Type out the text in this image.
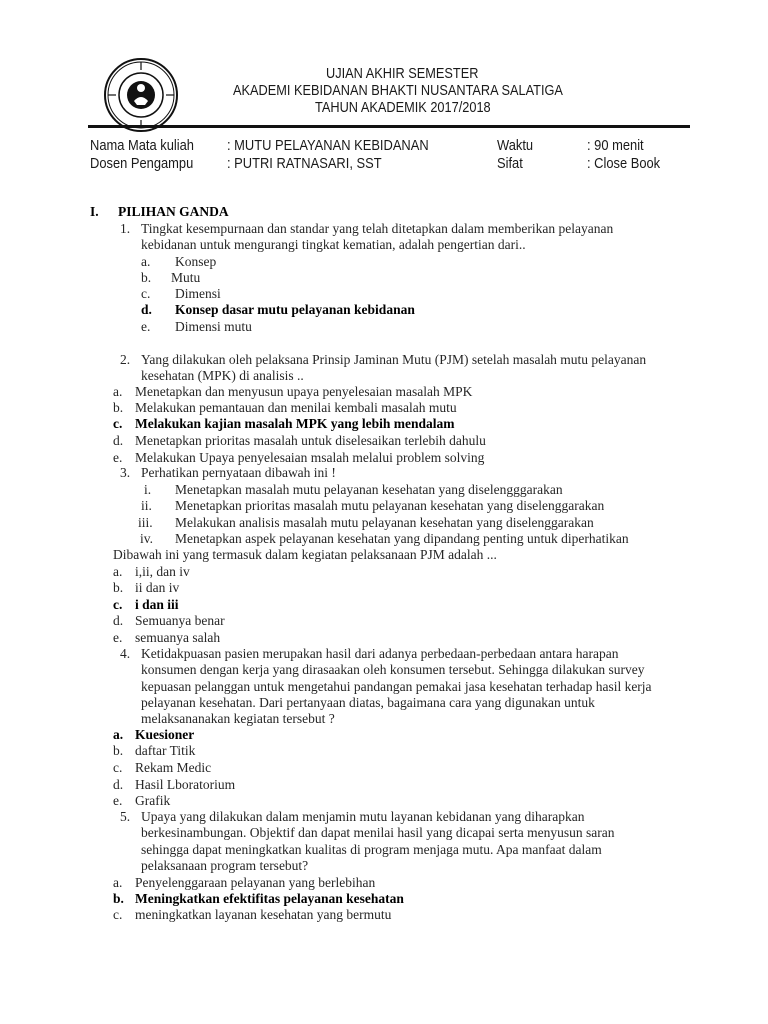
UJIAN AKHIR SEMESTER
AKADEMI KEBIDANAN BHAKTI NUSANTARA SALATIGA
TAHUN AKADEMIK 2017/2018
Nama Mata kuliah : MUTU PELAYANAN KEBIDANAN
Dosen Pengampu : PUTRI RATNASARI, SST
Waktu	: 90 menit
Sifat	: Close Book
I. PILIHAN GANDA
1. Tingkat kesempurnaan dan standar yang telah ditetapkan dalam memberikan pelayanan
kebidanan untuk mengurangi tingkat kematian, adalah pengertian dari..
a. Konsep
b. Mutu
c. Dimensi
d. Konsep dasar mutu pelayanan kebidanan
e. Dimensi mutu
2. Yang dilakukan oleh pelaksana Prinsip Jaminan Mutu (PJM) setelah masalah mutu pelayanan
kesehatan (MPK) di analisis ..
a. Menetapkan dan menyusun upaya penyelesaian masalah MPK
b. Melakukan pemantauan dan menilai kembali masalah mutu
c. Melakukan kajian masalah MPK yang lebih mendalam
d. Menetapkan prioritas masalah untuk diselesaikan terlebih dahulu
e. Melakukan Upaya penyelesaian msalah melalui problem solving
3. Perhatikan pernyataan dibawah ini !
i. Menetapkan masalah mutu pelayanan kesehatan yang diselengggarakan
ii. Menetapkan prioritas masalah mutu pelayanan kesehatan yang diselenggarakan
iii. Melakukan analisis masalah mutu pelayanan kesehatan yang diselenggarakan
iv. Menetapkan aspek pelayanan kesehatan yang dipandang penting untuk diperhatikan
Dibawah ini yang termasuk dalam kegiatan pelaksanaan PJM adalah ...
a. i,ii, dan iv
b. ii dan iv
c. i dan iii
d. Semuanya benar
e. semuanya salah
4. Ketidakpuasan pasien merupakan hasil dari adanya perbedaan-perbedaan antara harapan
konsumen dengan kerja yang dirasaakan oleh konsumen tersebut. Sehingga dilakukan survey
kepuasan pelanggan untuk mengetahui pandangan pemakai jasa kesehatan terhadap hasil kerja
pelayanan kesehatan. Dari pertanyaan diatas, bagaimana cara yang digunakan untuk
melaksananakan kegiatan tersebut ?
a. Kuesioner
b. daftar Titik
c. Rekam Medic
d. Hasil Lboratorium
e. Grafik
5. Upaya yang dilakukan dalam menjamin mutu layanan kebidanan yang diharapkan
berkesinambungan. Objektif dan dapat menilai hasil yang dicapai serta menyusun saran
sehingga dapat meningkatkan kualitas di program menjaga mutu. Apa manfaat dalam
pelaksanaan program tersebut?
a. Penyelenggaraan pelayanan yang berlebihan
b. Meningkatkan efektifitas pelayanan kesehatan
c. meningkatkan layanan kesehatan yang bermutu
